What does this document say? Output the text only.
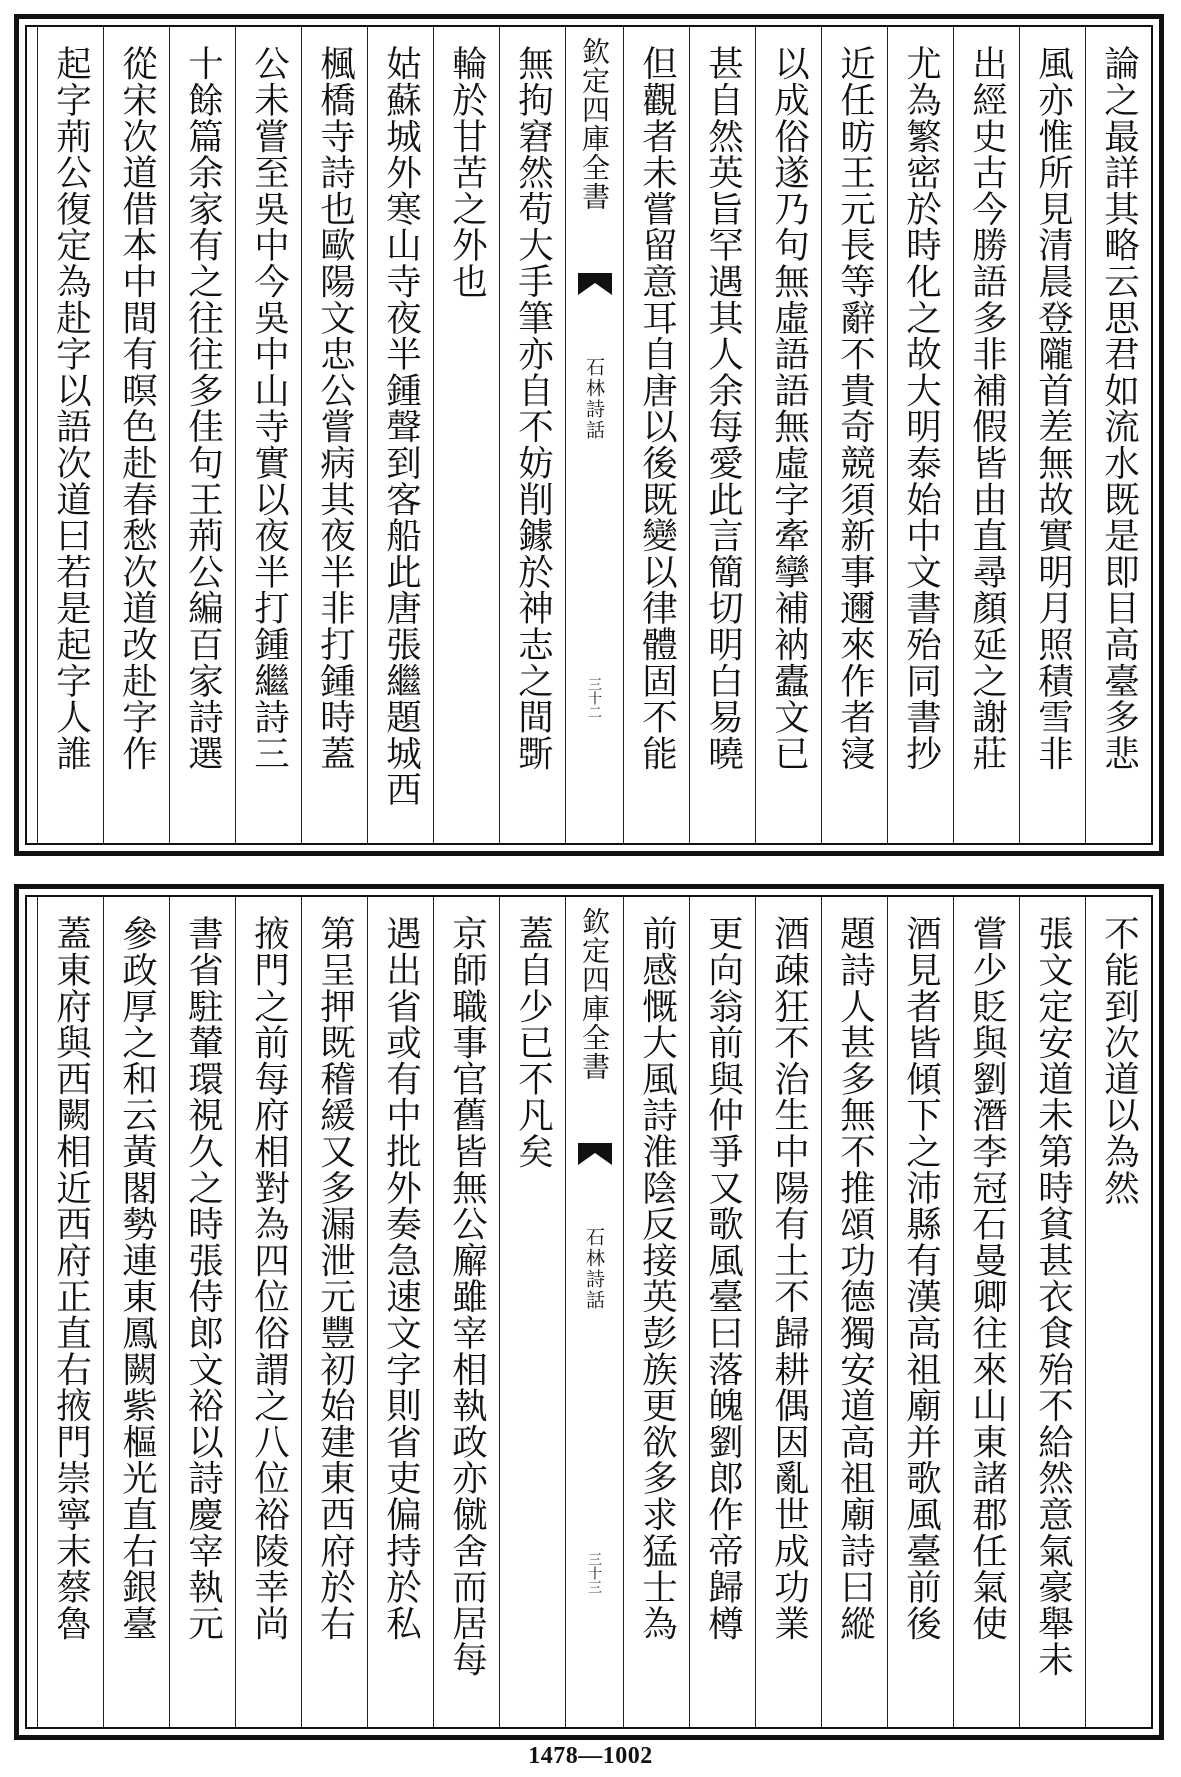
論之最詳其略云思君如流水既是即目高臺多悲
風亦惟所見清晨登隴首差無故實明月照積雪非
出經史古今勝語多非補假皆由直尋顏延之謝莊
尤為繁密於時化之故大明泰始中文書殆同書抄
近任昉王元長等辭不貴奇競須新事邇來作者寖
以成俗遂乃句無虛語語無虛字牽攣補衲蠹文已
甚自然英旨罕遇其人余每愛此言簡切明白易曉
但觀者未嘗留意耳自唐以後既變以律體固不能
欽定四庫全書
石林詩話
三十二
無拘窘然苟大手筆亦自不妨削鐻於神志之間斲
輪於甘苦之外也
姑蘇城外寒山寺夜半鍾聲到客船此唐張繼題城西
楓橋寺詩也歐陽文忠公嘗病其夜半非打鍾時蓋
公未嘗至吳中今吳中山寺實以夜半打鍾繼詩三
十餘篇余家有之往往多佳句王荊公編百家詩選
從宋次道借本中間有暝色赴春愁次道改赴字作
起字荊公復定為赴字以語次道曰若是起字人誰
不能到次道以為然
張文定安道未第時貧甚衣食殆不給然意氣豪舉未
嘗少貶與劉潛李冠石曼卿往來山東諸郡任氣使
酒見者皆傾下之沛縣有漢高祖廟并歌風臺前後
題詩人甚多無不推頌功德獨安道高祖廟詩曰縱
酒疎狂不治生中陽有土不歸耕偶因亂世成功業
更向翁前與仲爭又歌風臺曰落魄劉郎作帝歸樽
前感慨大風詩淮陰反接英彭族更欲多求猛士為
欽定四庫全書
石林詩話
三十三
蓋自少已不凡矣
京師職事官舊皆無公廨雖宰相執政亦僦舍而居每
遇出省或有中批外奏急速文字則省吏偏持於私
第呈押既稽緩又多漏泄元豐初始建東西府於右
掖門之前每府相對為四位俗謂之八位裕陵幸尚
書省駐輦環視久之時張侍郎文裕以詩慶宰執元
參政厚之和云黃閣勢連東鳳闕紫樞光直右銀臺
蓋東府與西闕相近西府正直右掖門崇寧末蔡魯
1478—1002
